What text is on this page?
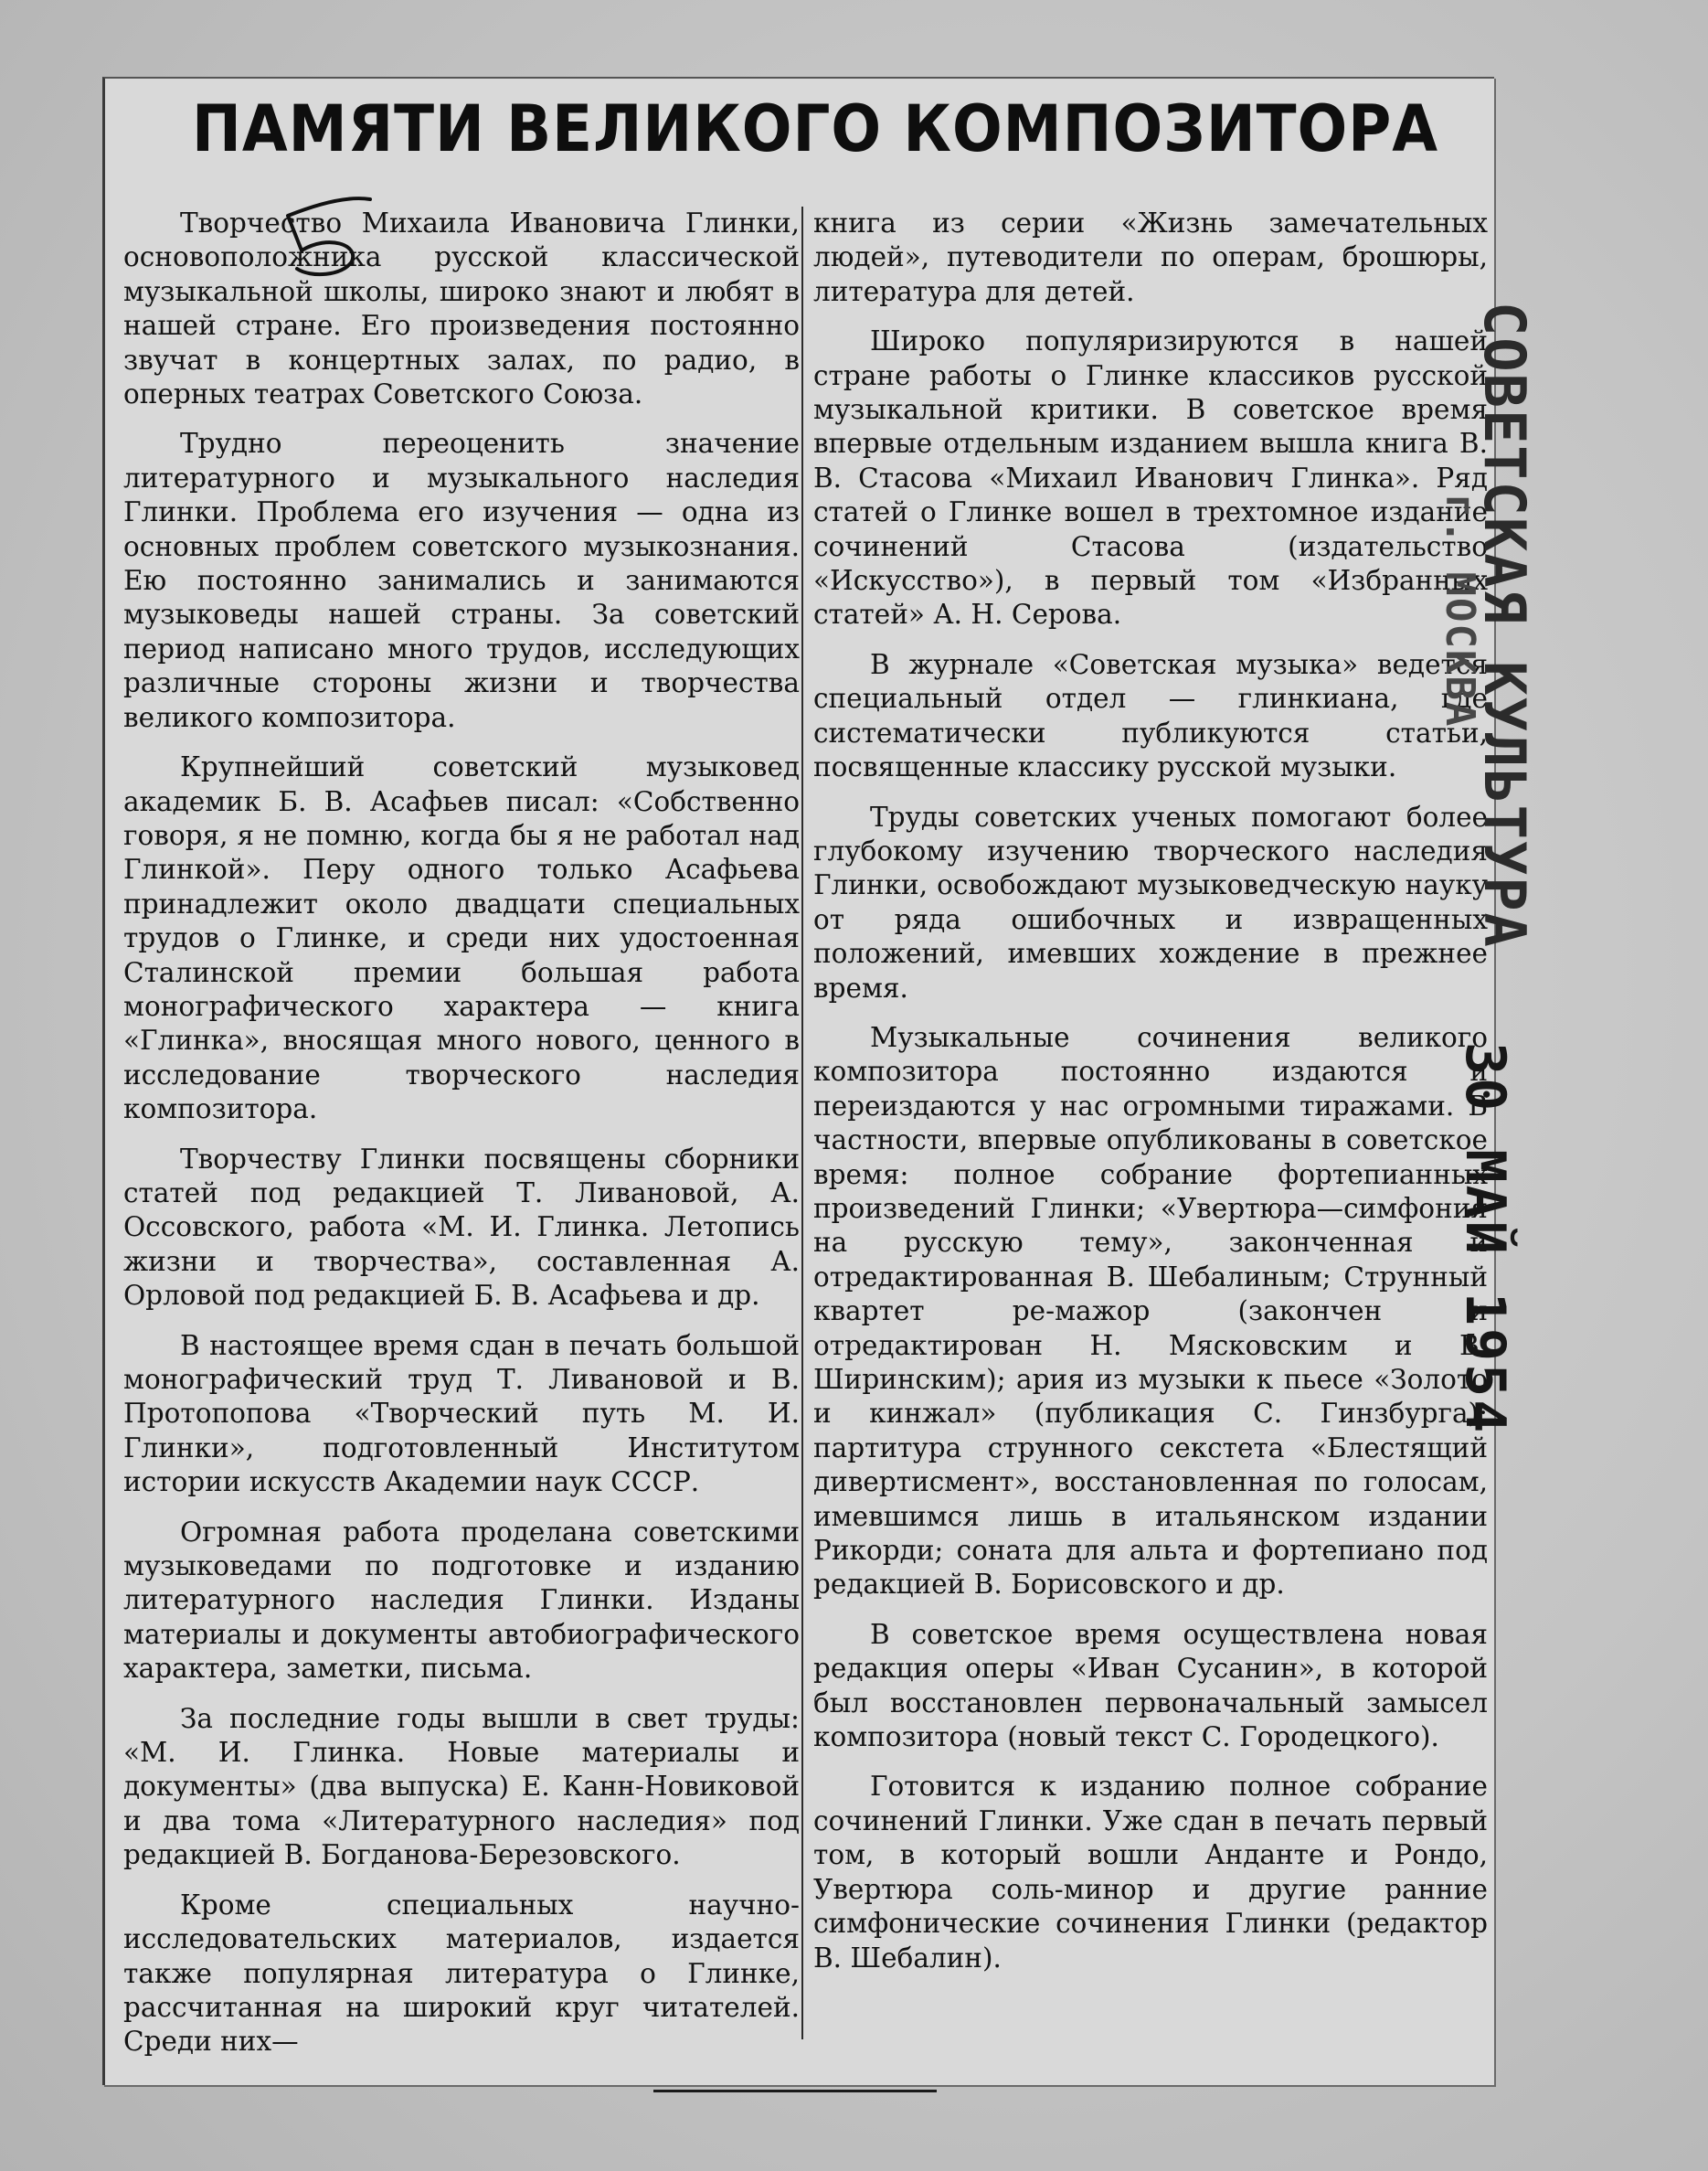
ПАМЯТИ ВЕЛИКОГО КОМПОЗИТОРА

Творчество Михаила Ивановича Глинки, основоположника русской классической музыкальной школы, широко знают и любят в нашей стране. Его произведения постоянно звучат в концертных залах, по радио, в оперных театрах Советского Союза.

Трудно переоценить значение литературного и музыкального наследия Глинки. Проблема его изучения — одна из основных проблем советского музыкознания. Ею постоянно занимались и занимаются музыковеды нашей страны. За советский период написано много трудов, исследующих различные стороны жизни и творчества великого композитора.

Крупнейший советский музыковед академик Б. В. Асафьев писал: «Собственно говоря, я не помню, когда бы я не работал над Глинкой». Перу одного только Асафьева принадлежит около двадцати специальных трудов о Глинке, и среди них удостоенная Сталинской премии большая работа монографического характера — книга «Глинка», вносящая много нового, ценного в исследование творческого наследия композитора.

Творчеству Глинки посвящены сборники статей под редакцией Т. Ливановой, А. Оссовского, работа «М. И. Глинка. Летопись жизни и творчества», составленная А. Орловой под редакцией Б. В. Асафьева и др.

В настоящее время сдан в печать большой монографический труд Т. Ливановой и В. Протопопова «Творческий путь М. И. Глинки», подготовленный Институтом истории искусств Академии наук СССР.

Огромная работа проделана советскими музыковедами по подготовке и изданию литературного наследия Глинки. Изданы материалы и документы автобиографического характера, заметки, письма.

За последние годы вышли в свет труды: «М. И. Глинка. Новые материалы и документы» (два выпуска) Е. Канн-Новиковой и два тома «Литературного наследия» под редакцией В. Богданова-Березовского.

Кроме специальных научно-исследовательских материалов, издается также популярная литература о Глинке, рассчитанная на широкий круг читателей. Среди них—

книга из серии «Жизнь замечательных людей», путеводители по операм, брошюры, литература для детей.

Широко популяризируются в нашей стране работы о Глинке классиков русской музыкальной критики. В советское время впервые отдельным изданием вышла книга В. В. Стасова «Михаил Иванович Глинка». Ряд статей о Глинке вошел в трехтомное издание сочинений Стасова (издательство «Искусство»), в первый том «Избранных статей» А. Н. Серова.

В журнале «Советская музыка» ведется специальный отдел — глинкиана, где систематически публикуются статьи, посвященные классику русской музыки.

Труды советских ученых помогают более глубокому изучению творческого наследия Глинки, освобождают музыковедческую науку от ряда ошибочных и извращенных положений, имевших хождение в прежнее время.

Музыкальные сочинения великого композитора постоянно издаются и переиздаются у нас огромными тиражами. В частности, впервые опубликованы в советское время: полное собрание фортепианных произведений Глинки; «Увертюра—симфония на русскую тему», законченная и отредактированная В. Шебалиным; Струнный квартет ре-мажор (закончен и отредактирован Н. Мясковским и В. Ширинским); ария из музыки к пьесе «Золото и кинжал» (публикация С. Гинзбурга); партитура струнного секстета «Блестящий дивертисмент», восстановленная по голосам, имевшимся лишь в итальянском издании Рикорди; соната для альта и фортепиано под редакцией В. Борисовского и др.

В советское время осуществлена новая редакция оперы «Иван Сусанин», в которой был восстановлен первоначальный замысел композитора (новый текст С. Городецкого).

Готовится к изданию полное собрание сочинений Глинки. Уже сдан в печать первый том, в который вошли Анданте и Рондо, Увертюра соль-минор и другие ранние симфонические сочинения Глинки (редактор В. Шебалин).

СОВЕТСКАЯ КУЛЬТУРА
г. МОСКВА
30 МАЙ 1954
